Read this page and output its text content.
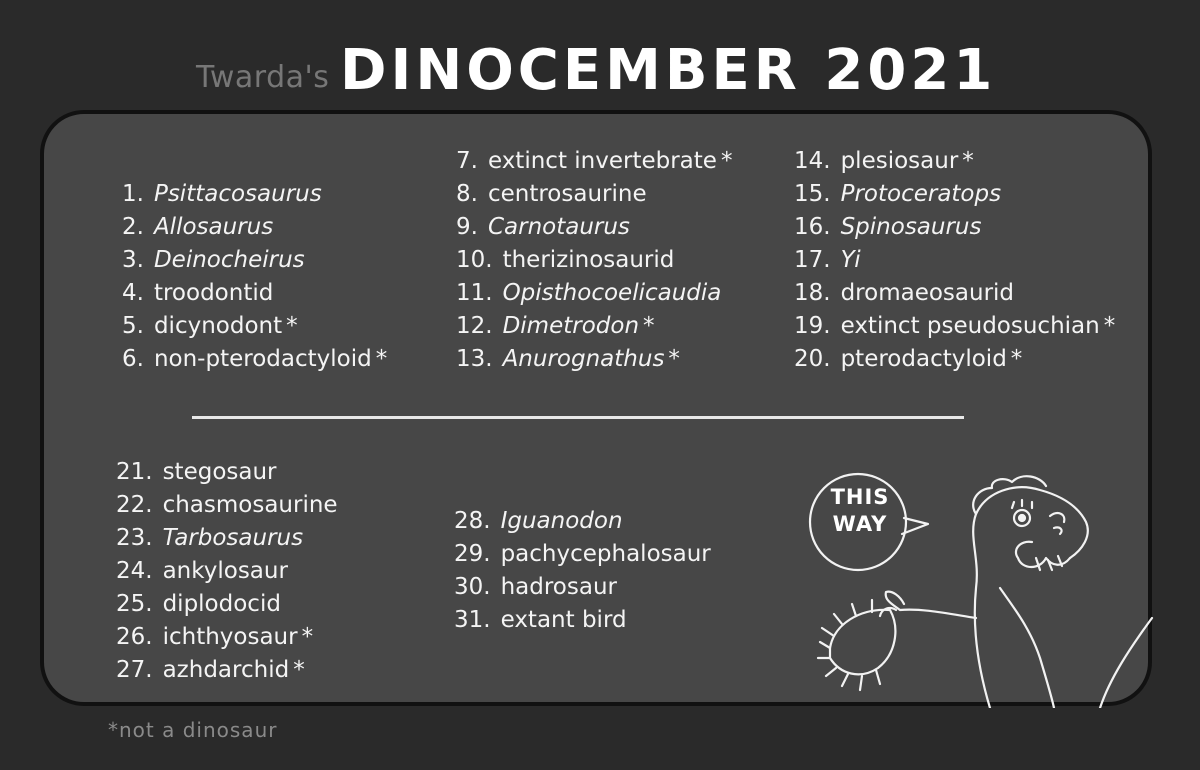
Twarda's DINOCEMBER 2021
1. Psittacosaurus
2. Allosaurus
3. Deinocheirus
4. troodontid
5. dicynodont *
6. non-pterodactyloid *
7. extinct invertebrate *
8. centrosaurine
9. Carnotaurus
10. therizinosaurid
11. Opisthocoelicaudia
12. Dimetrodon *
13. Anurognathus *
14. plesiosaur *
15. Protoceratops
16. Spinosaurus
17. Yi
18. dromaeosaurid
19. extinct pseudosuchian *
20. pterodactyloid *
21. stegosaur
22. chasmosaurine
23. Tarbosaurus
24. ankylosaur
25. diplodocid
26. ichthyosaur *
27. azhdarchid *
28. Iguanodon
29. pachycephalosaur
30. hadrosaur
31. extant bird
THIS
WAY
*not a dinosaur
